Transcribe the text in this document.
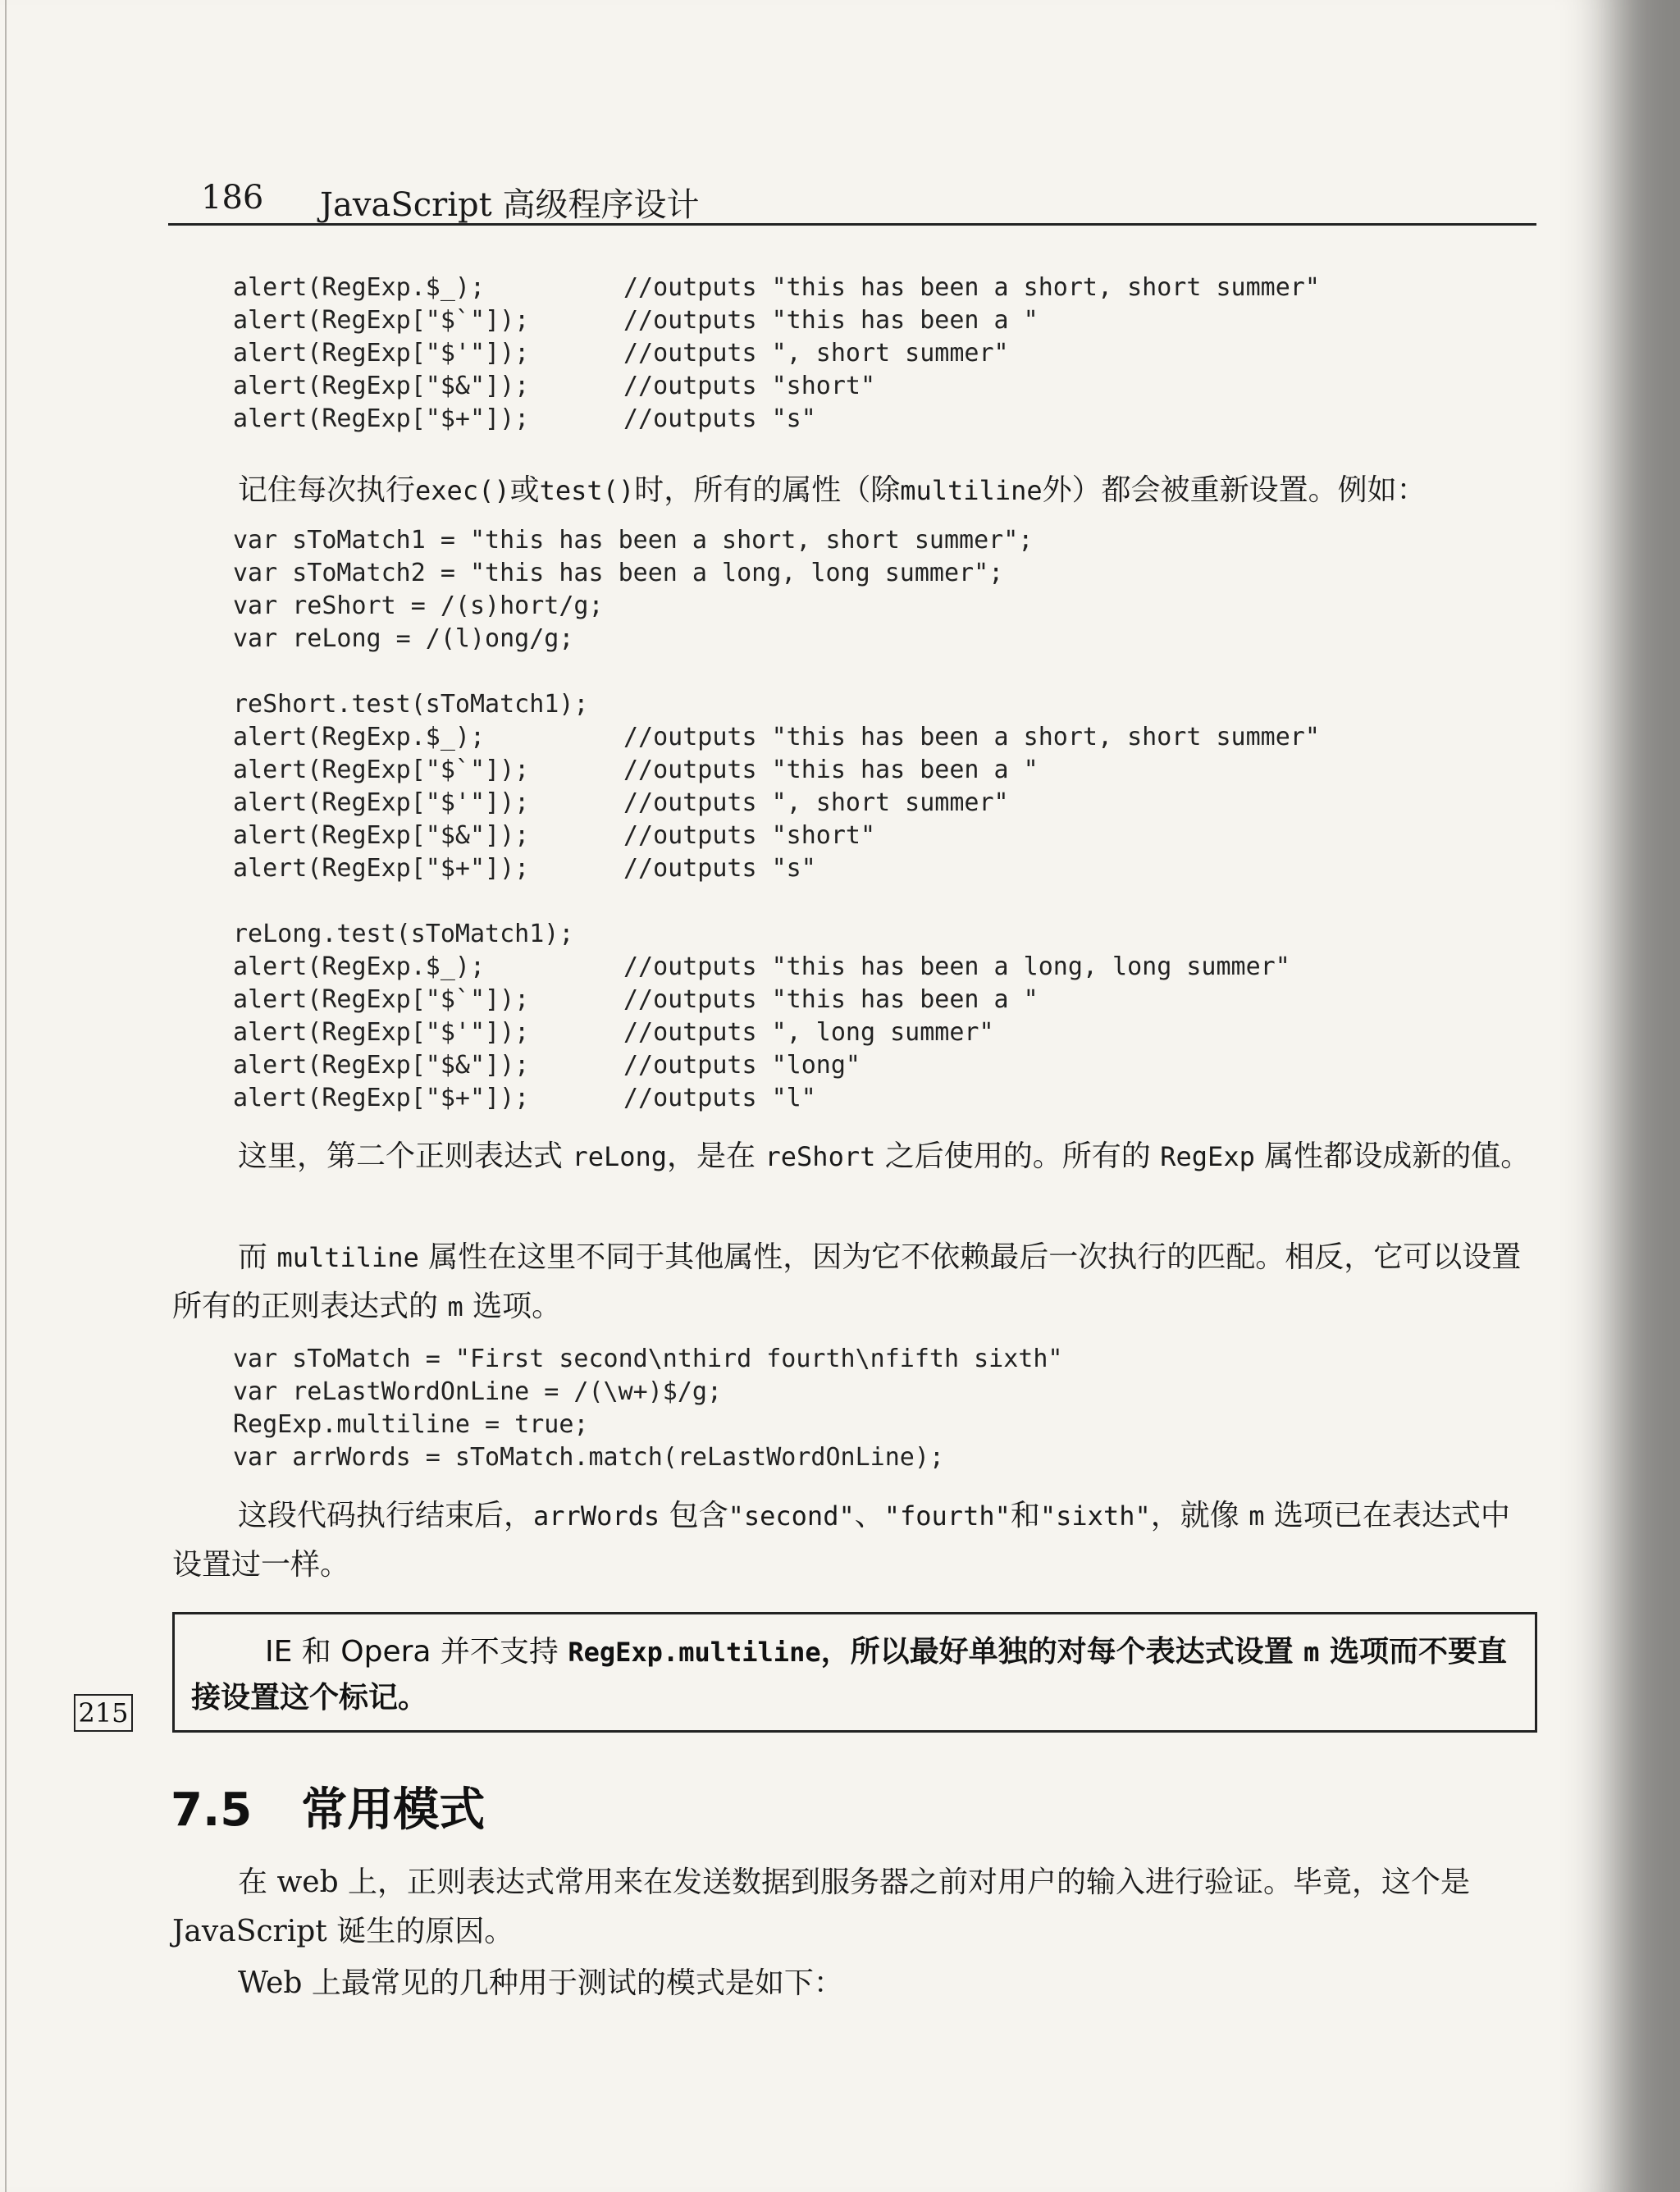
186 JavaScript 高级程序设计
alert(RegExp.$_);	//outputs "this has been a short, short summer"
alert(RegExp["$`"]);	//outputs "this has been a "
alert(RegExp["$'"]);	//outputs ", short summer"
alert(RegExp["$&"]);	//outputs "short"
alert(RegExp["$+"]);	//outputs "s"
记住每次执行exec()或test()时，所有的属性（除multiline外）都会被重新设置。例如：
var sToMatch1 = "this has been a short, short summer";
var sToMatch2 = "this has been a long, long summer";
var reShort = /(s)hort/g;
var reLong = /(l)ong/g;
reShort.test(sToMatch1);
alert(RegExp.$_);	//outputs "this has been a short, short summer"
alert(RegExp["$`"]);	//outputs "this has been a "
alert(RegExp["$'"]);	//outputs ", short summer"
alert(RegExp["$&"]);	//outputs "short"
alert(RegExp["$+"]);	//outputs "s"
reLong.test(sToMatch1);
alert(RegExp.$_);	//outputs "this has been a long, long summer"
alert(RegExp["$`"]);	//outputs "this has been a "
alert(RegExp["$'"]);	//outputs ", long summer"
alert(RegExp["$&"]);	//outputs "long"
alert(RegExp["$+"]);	//outputs "l"
这里，第二个正则表达式 reLong，是在 reShort 之后使用的。所有的 RegExp 属性都设成新的值。
而 multiline 属性在这里不同于其他属性，因为它不依赖最后一次执行的匹配。相反，它可以设置所有的正则表达式的 m 选项。
var sToMatch = "First second\nthird fourth\nfifth sixth"
var reLastWordOnLine = /(\w+)$/g;
RegExp.multiline = true;
var arrWords = sToMatch.match(reLastWordOnLine);
这段代码执行结束后，arrWords 包含"second"、"fourth"和"sixth"，就像 m 选项已在表达式中设置过一样。
IE 和 Opera 并不支持 RegExp.multiline，所以最好单独的对每个表达式设置 m 选项而不要直接设置这个标记。
215
7.5 常用模式
在 web 上，正则表达式常用来在发送数据到服务器之前对用户的输入进行验证。毕竟，这个是 JavaScript 诞生的原因。
Web 上最常见的几种用于测试的模式是如下：
